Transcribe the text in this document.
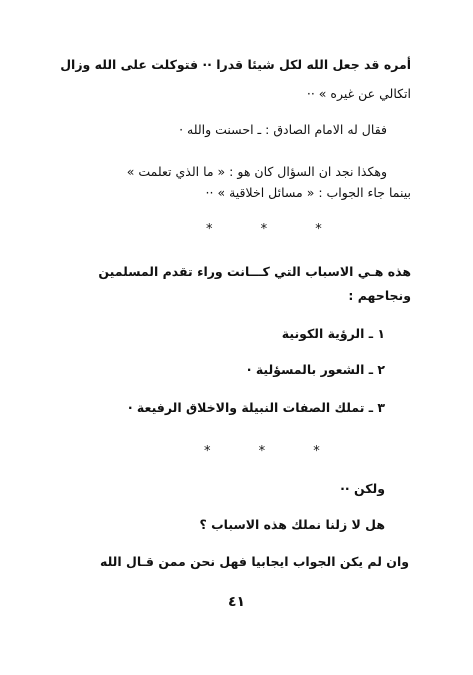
أمره قد جعل الله لكل شيئا قدرا ·· فتوكلت على الله وزال
اتكالي عن غيره » ··
فقال له الامام الصادق : ـ احسنت والله ·
وهكذا نجد ان السؤال كان هو : « ما الذي تعلمت »
بينما جاء الجواب : « مسائل اخلاقية » ··
* * *
هذه هـي الاسباب التي كـــانت وراء تقدم المسلمين
ونجاحهم :
١ ـ الرؤية الكونية
٢ ـ الشعور بالمسؤلية ·
٣ ـ تملك الصفات النبيلة والاخلاق الرفيعة ·
* * *
ولكن ··
هل لا زلنا نملك هذه الاسباب ؟
وان لم يكن الجواب ايجابيا فهل نحن ممن قـال الله
٤١
